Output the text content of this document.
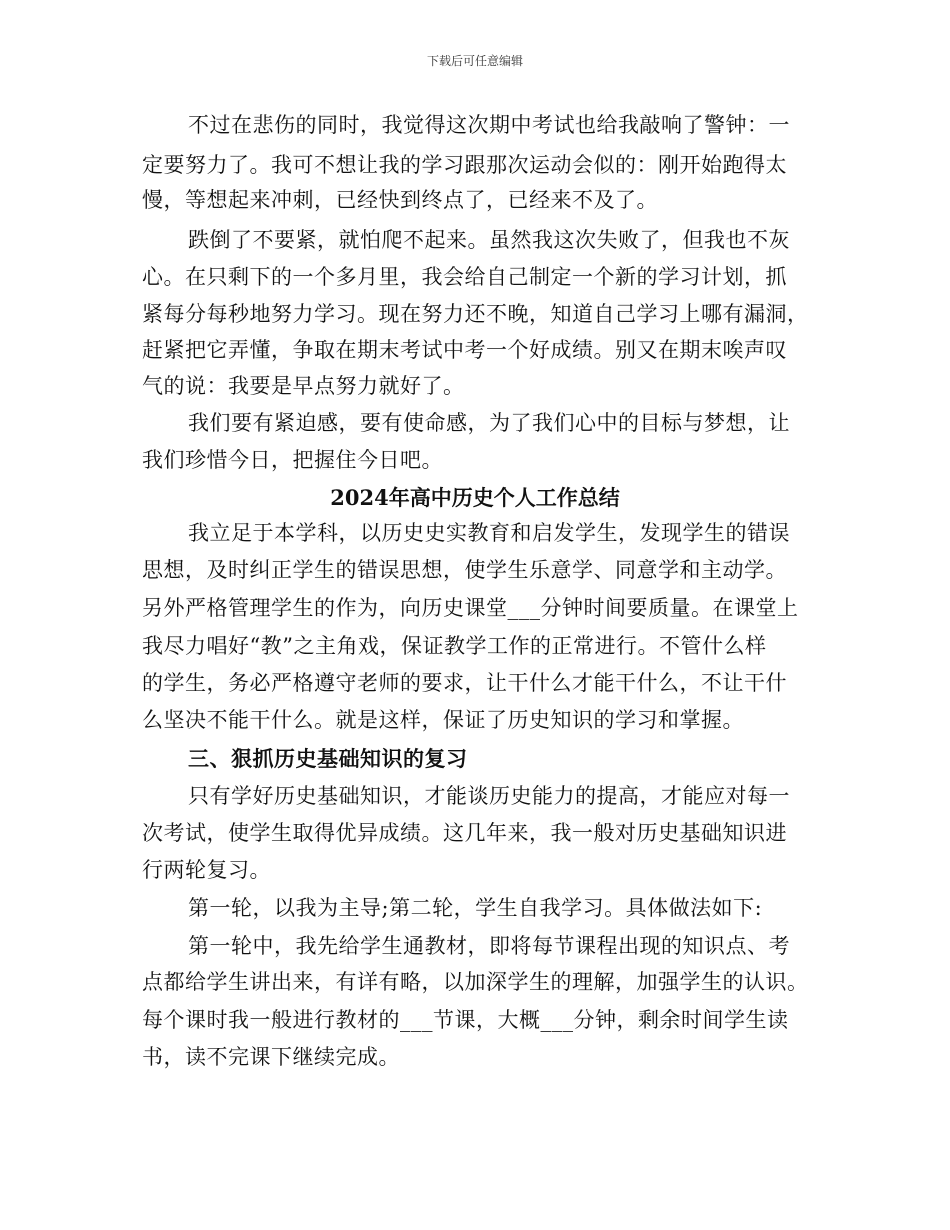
下载后可任意编辑
不过在悲伤的同时，我觉得这次期中考试也给我敲响了警钟：一
定要努力了。我可不想让我的学习跟那次运动会似的：刚开始跑得太
慢，等想起来冲刺，已经快到终点了，已经来不及了。
跌倒了不要紧，就怕爬不起来。虽然我这次失败了，但我也不灰
心。在只剩下的一个多月里，我会给自己制定一个新的学习计划，抓
紧每分每秒地努力学习。现在努力还不晚，知道自己学习上哪有漏洞，
赶紧把它弄懂，争取在期末考试中考一个好成绩。别又在期末唉声叹
气的说：我要是早点努力就好了。
我们要有紧迫感，要有使命感，为了我们心中的目标与梦想，让
我们珍惜今日，把握住今日吧。
2024年高中历史个人工作总结
我立足于本学科，以历史史实教育和启发学生，发现学生的错误
思想，及时纠正学生的错误思想，使学生乐意学、同意学和主动学。
另外严格管理学生的作为，向历史课堂___分钟时间要质量。在课堂上
我尽力唱好“教”之主角戏，保证教学工作的正常进行。不管什么样
的学生，务必严格遵守老师的要求，让干什么才能干什么，不让干什
么坚决不能干什么。就是这样，保证了历史知识的学习和掌握。
三、狠抓历史基础知识的复习
只有学好历史基础知识，才能谈历史能力的提高，才能应对每一
次考试，使学生取得优异成绩。这几年来，我一般对历史基础知识进
行两轮复习。
第一轮，以我为主导;第二轮，学生自我学习。具体做法如下:
第一轮中，我先给学生通教材，即将每节课程出现的知识点、考
点都给学生讲出来，有详有略，以加深学生的理解，加强学生的认识。
每个课时我一般进行教材的___节课，大概___分钟，剩余时间学生读
书，读不完课下继续完成。
